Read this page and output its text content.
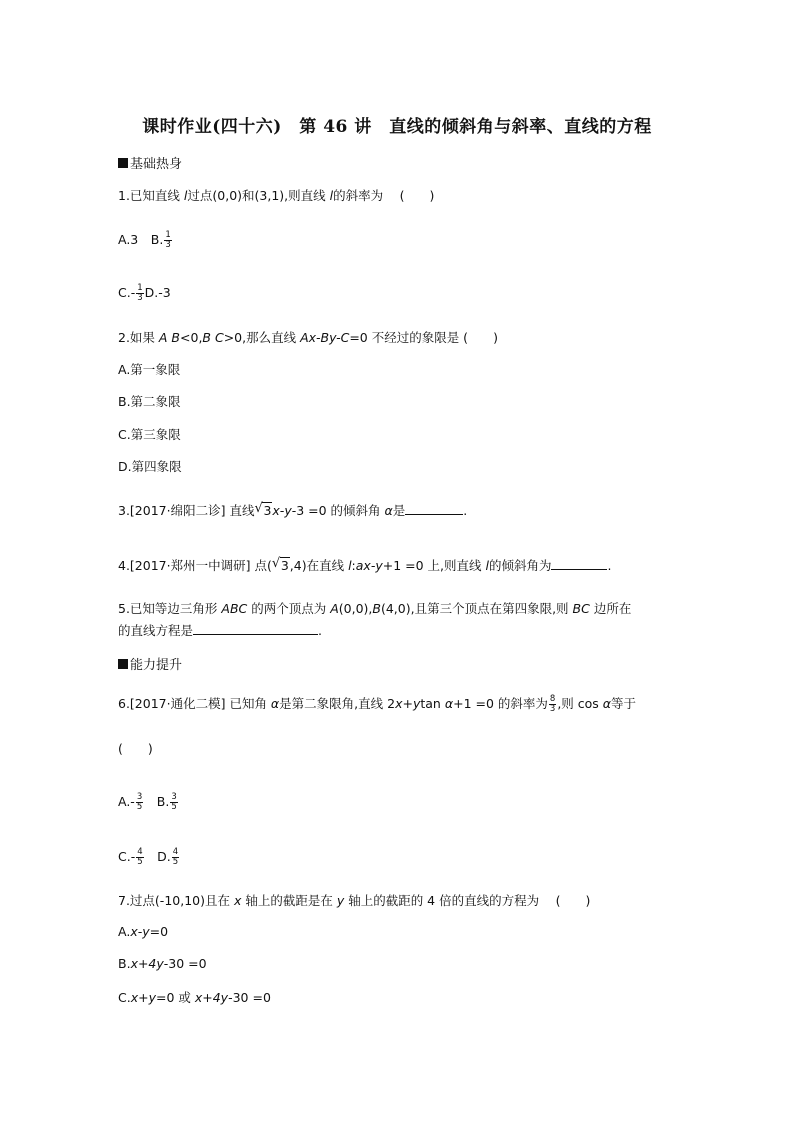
课时作业(四十六)　第 46 讲　直线的倾斜角与斜率、直线的方程
基础热身
1.已知直线 l过点(0,0)和(3,1),则直线 l的斜率为　 (　　)
A.3　B. $\frac{1}{3}$
$C.- \frac{1}{3} D.-3$
2.如果 A B<0,B C>0,那么直线 Ax-By-C=0 不经过的象限是 (　　)
A.第一象限
B.第二象限
C.第三象限
D.第四象限
3.[2017·绵阳二诊] 直线 √ 3x-y-3 =0 的倾斜角 α是	.
4.[2017·郑州一中调研] 点( √ 3,4)在直线 l:ax-y+1 =0 上,则直线 l的倾斜角为	.
5.已知等边三角形 ABC 的两个顶点为 A(0,0),B(4,0),且第三个顶点在第四象限,则 BC 边所在
的直线方程是	.
能力提升
6.[2017·通化二模] 已知角 α是第二象限角,直线 2x+ytan α+1 =0 的斜率为 $\frac{8}{3}$ ,则 cos α等于
(　　)
$A.- \frac{3}{5}$ 　B. $\frac{3}{5}$
$C.- \frac{4}{5}$ 　D. $\frac{4}{5}$
7.过点(-10,10)且在 x 轴上的截距是在 y 轴上的截距的 4 倍的直线的方程为　 (　　)
A.x-y=0
B.x+4y-30 =0
C.x+y=0 或 x+4y-30 =0
